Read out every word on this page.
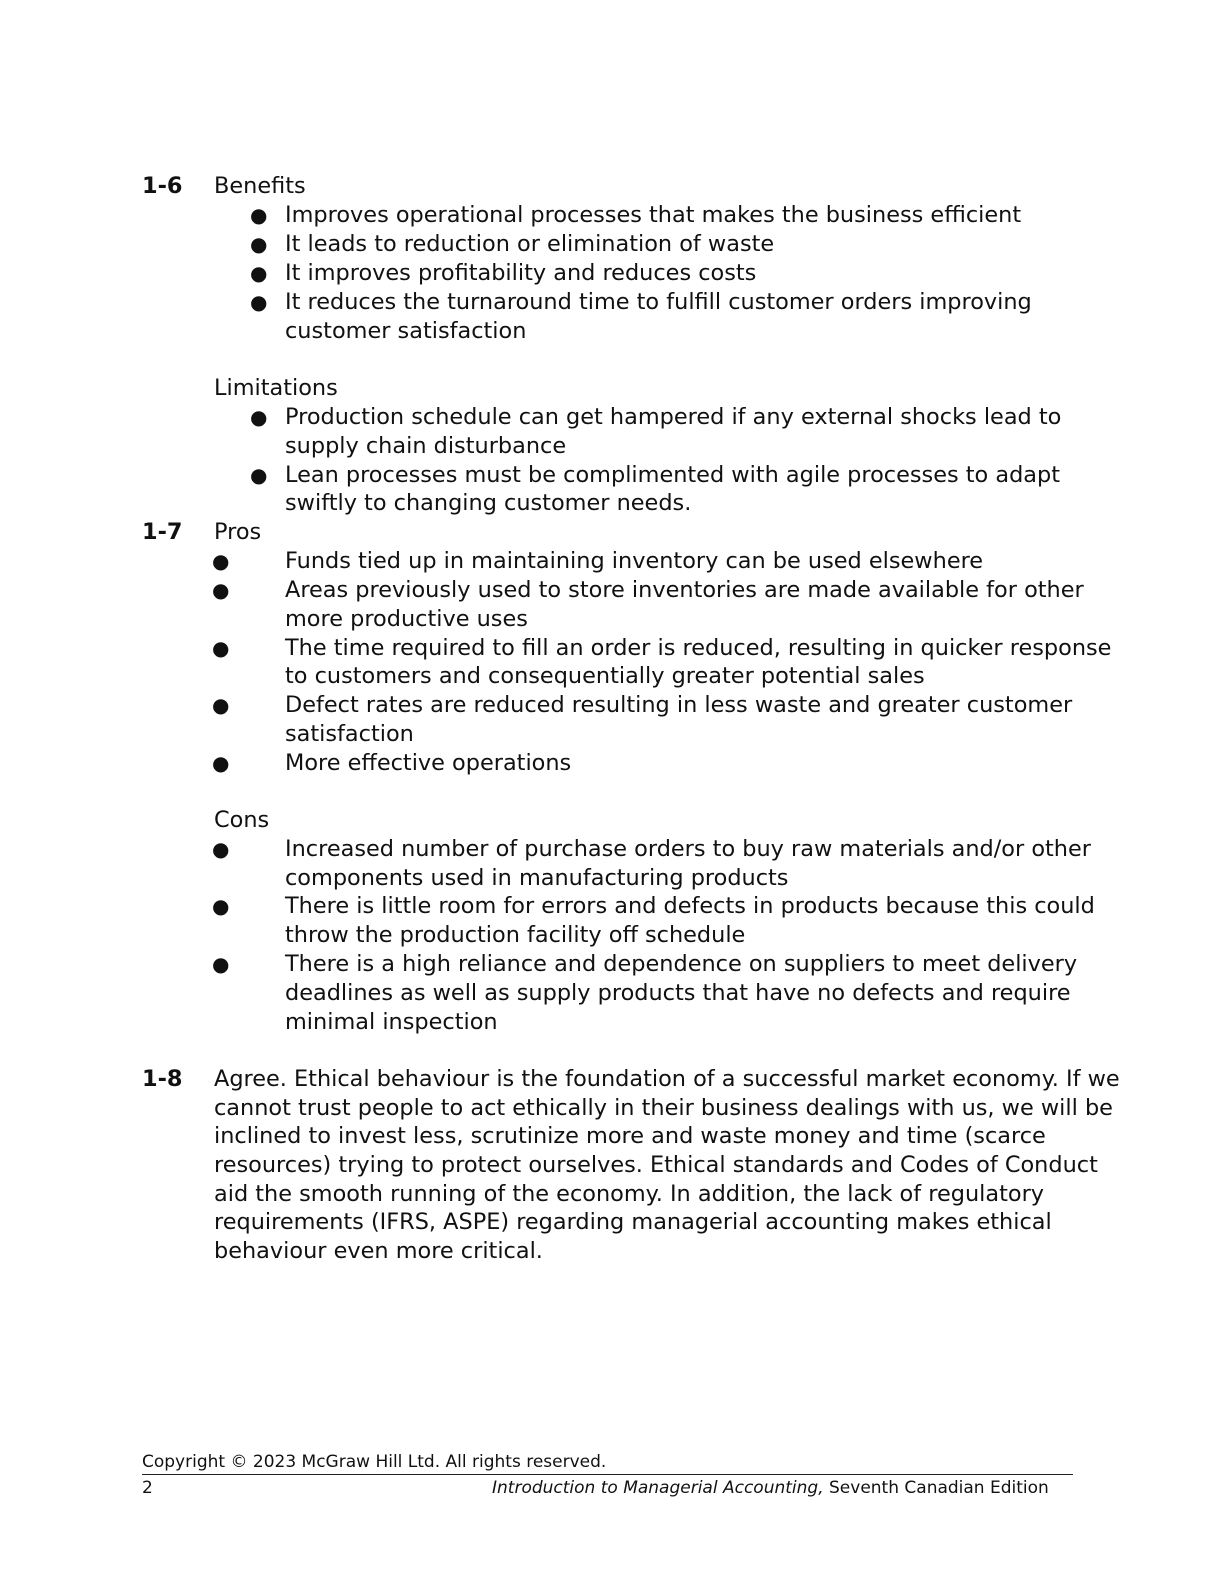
1-6 Benefits
● Improves operational processes that makes the business efficient
● It leads to reduction or elimination of waste
● It improves profitability and reduces costs
● It reduces the turnaround time to fulfill customer orders improving
customer satisfaction
Limitations
● Production schedule can get hampered if any external shocks lead to
supply chain disturbance
● Lean processes must be complimented with agile processes to adapt
swiftly to changing customer needs.
1-7 Pros
● Funds tied up in maintaining inventory can be used elsewhere
● Areas previously used to store inventories are made available for other
more productive uses
● The time required to fill an order is reduced, resulting in quicker response
to customers and consequentially greater potential sales
● Defect rates are reduced resulting in less waste and greater customer
satisfaction
● More effective operations
Cons
● Increased number of purchase orders to buy raw materials and/or other
components used in manufacturing products
● There is little room for errors and defects in products because this could
throw the production facility off schedule
● There is a high reliance and dependence on suppliers to meet delivery
deadlines as well as supply products that have no defects and require
minimal inspection
1-8 Agree. Ethical behaviour is the foundation of a successful market economy. If we
cannot trust people to act ethically in their business dealings with us, we will be
inclined to invest less, scrutinize more and waste money and time (scarce
resources) trying to protect ourselves. Ethical standards and Codes of Conduct
aid the smooth running of the economy. In addition, the lack of regulatory
requirements (IFRS, ASPE) regarding managerial accounting makes ethical
behaviour even more critical.
Copyright © 2023 McGraw Hill Ltd. All rights reserved.
2	Introduction to Managerial Accounting, Seventh Canadian Edition
